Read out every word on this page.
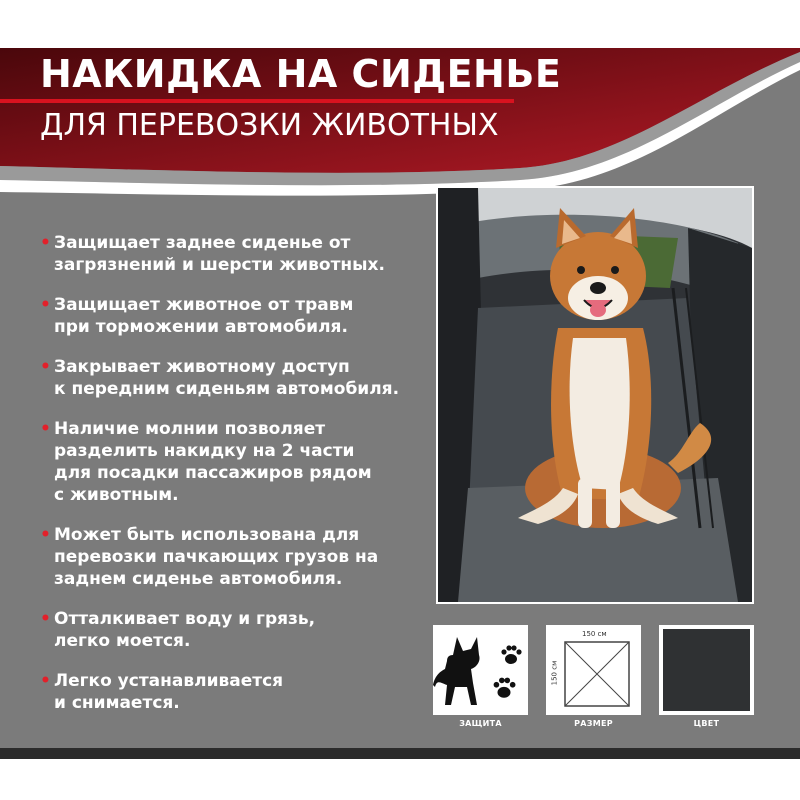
НАКИДКА НА СИДЕНЬЕ
ДЛЯ ПЕРЕВОЗКИ ЖИВОТНЫХ
• Защищает заднее сиденье от
загрязнений и шерсти животных.
• Защищает животное от травм
при торможении автомобиля.
• Закрывает животному доступ
к передним сиденьям автомобиля.
• Наличие молнии позволяет
разделить накидку на 2 части
для посадки пассажиров рядом
с животным.
• Может быть использована для
перевозки пачкающих грузов на
заднем сиденье автомобиля.
• Отталкивает воду и грязь,
легко моется.
• Легко устанавливается
и снимается.
ЗАЩИТА
150 см
150 см
РАЗМЕР	ЦВЕТ
